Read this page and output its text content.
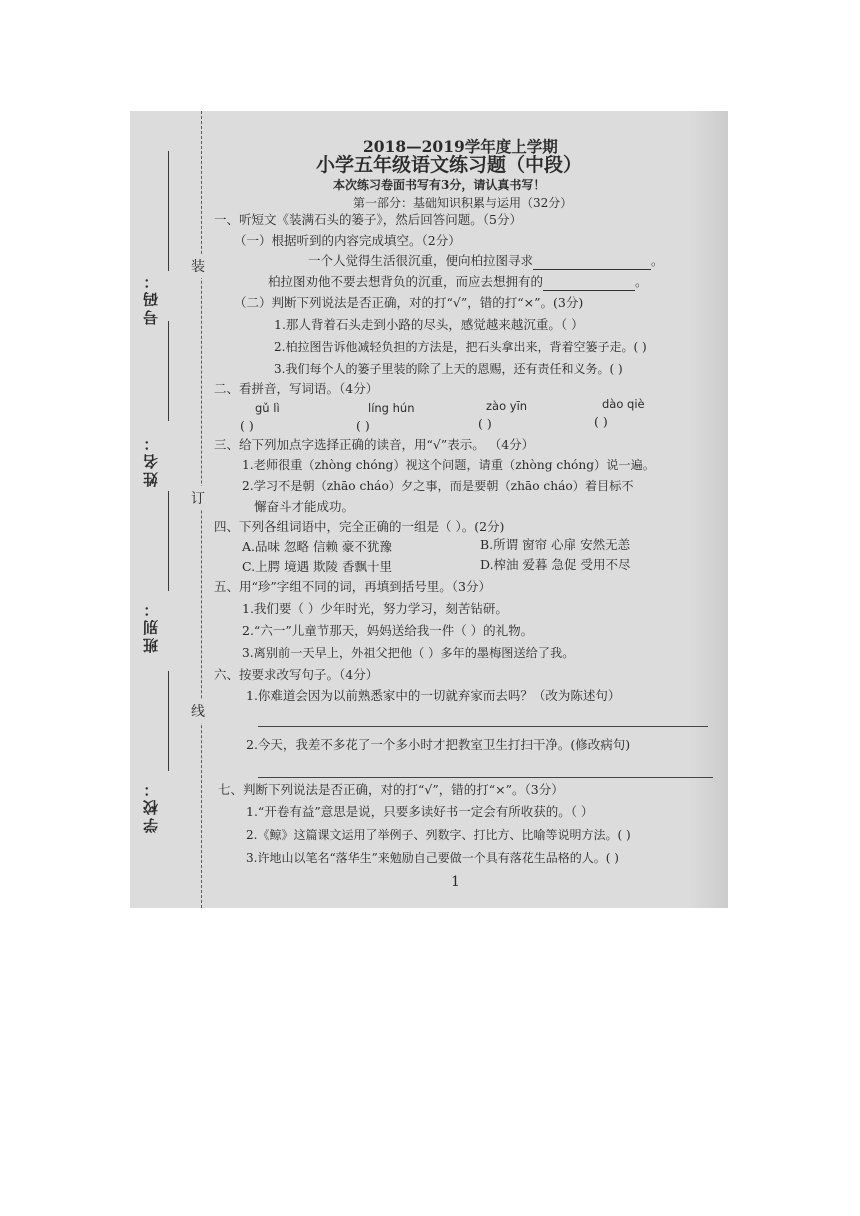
装
订
线
号码：
姓名：
班别：
学校：
2018—2019学年度上学期
小学五年级语文练习题（中段）
本次练习卷面书写有3分，请认真书写！
第一部分：基础知识积累与运用（32分）
一、听短文《装满石头的篓子》，然后回答问题。（5分）
（一）根据听到的内容完成填空。（2分）
一个人觉得生活很沉重，便向柏拉图寻求	。
柏拉图劝他不要去想背负的沉重，而应去想拥有的	。
（二）判断下列说法是否正确，对的打“√”，错的打“×”。(3分)
1.那人背着石头走到小路的尽头，感觉越来越沉重。（ ）
2.柏拉图告诉他减轻负担的方法是，把石头拿出来，背着空篓子走。( )
3.我们每个人的篓子里装的除了上天的恩赐，还有责任和义务。( )
二、看拼音，写词语。（4分）
gǔ lì	líng hún	zào yīn	dào qiè
( )	( )	( )	( )
三、给下列加点字选择正确的读音，用“√”表示。 （4分）
1.老师很重（zhòng chóng）视这个问题，请重（zhòng chóng）说一遍。
2.学习不是朝（zhāo cháo）夕之事，而是要朝（zhāo cháo）着目标不
懈奋斗才能成功。
四、下列各组词语中，完全正确的一组是（ ）。(2分)
A.品味 忽略 信赖 豪不犹豫	B.所谓 窗帘 心扉 安然无恙
C.上腭 境遇 欺陵 香飘十里	D.榨油 爱暮 急促 受用不尽
五、用“珍”字组不同的词，再填到括号里。（3分）
1.我们要（ ）少年时光，努力学习，刻苦钻研。
2.“六一”儿童节那天，妈妈送给我一件（ ）的礼物。
3.离别前一天早上，外祖父把他（ ）多年的墨梅图送给了我。
六、按要求改写句子。（4分）
1.你难道会因为以前熟悉家中的一切就弃家而去吗？（改为陈述句）
2.今天，我差不多花了一个多小时才把教室卫生打扫干净。(修改病句)
七、判断下列说法是否正确，对的打“√”，错的打“×”。（3分）
1.“开卷有益”意思是说，只要多读好书一定会有所收获的。（ ）
2.《鲸》这篇课文运用了举例子、列数字、打比方、比喻等说明方法。( )
3.许地山以笔名“落华生”来勉励自己要做一个具有落花生品格的人。( )
1
